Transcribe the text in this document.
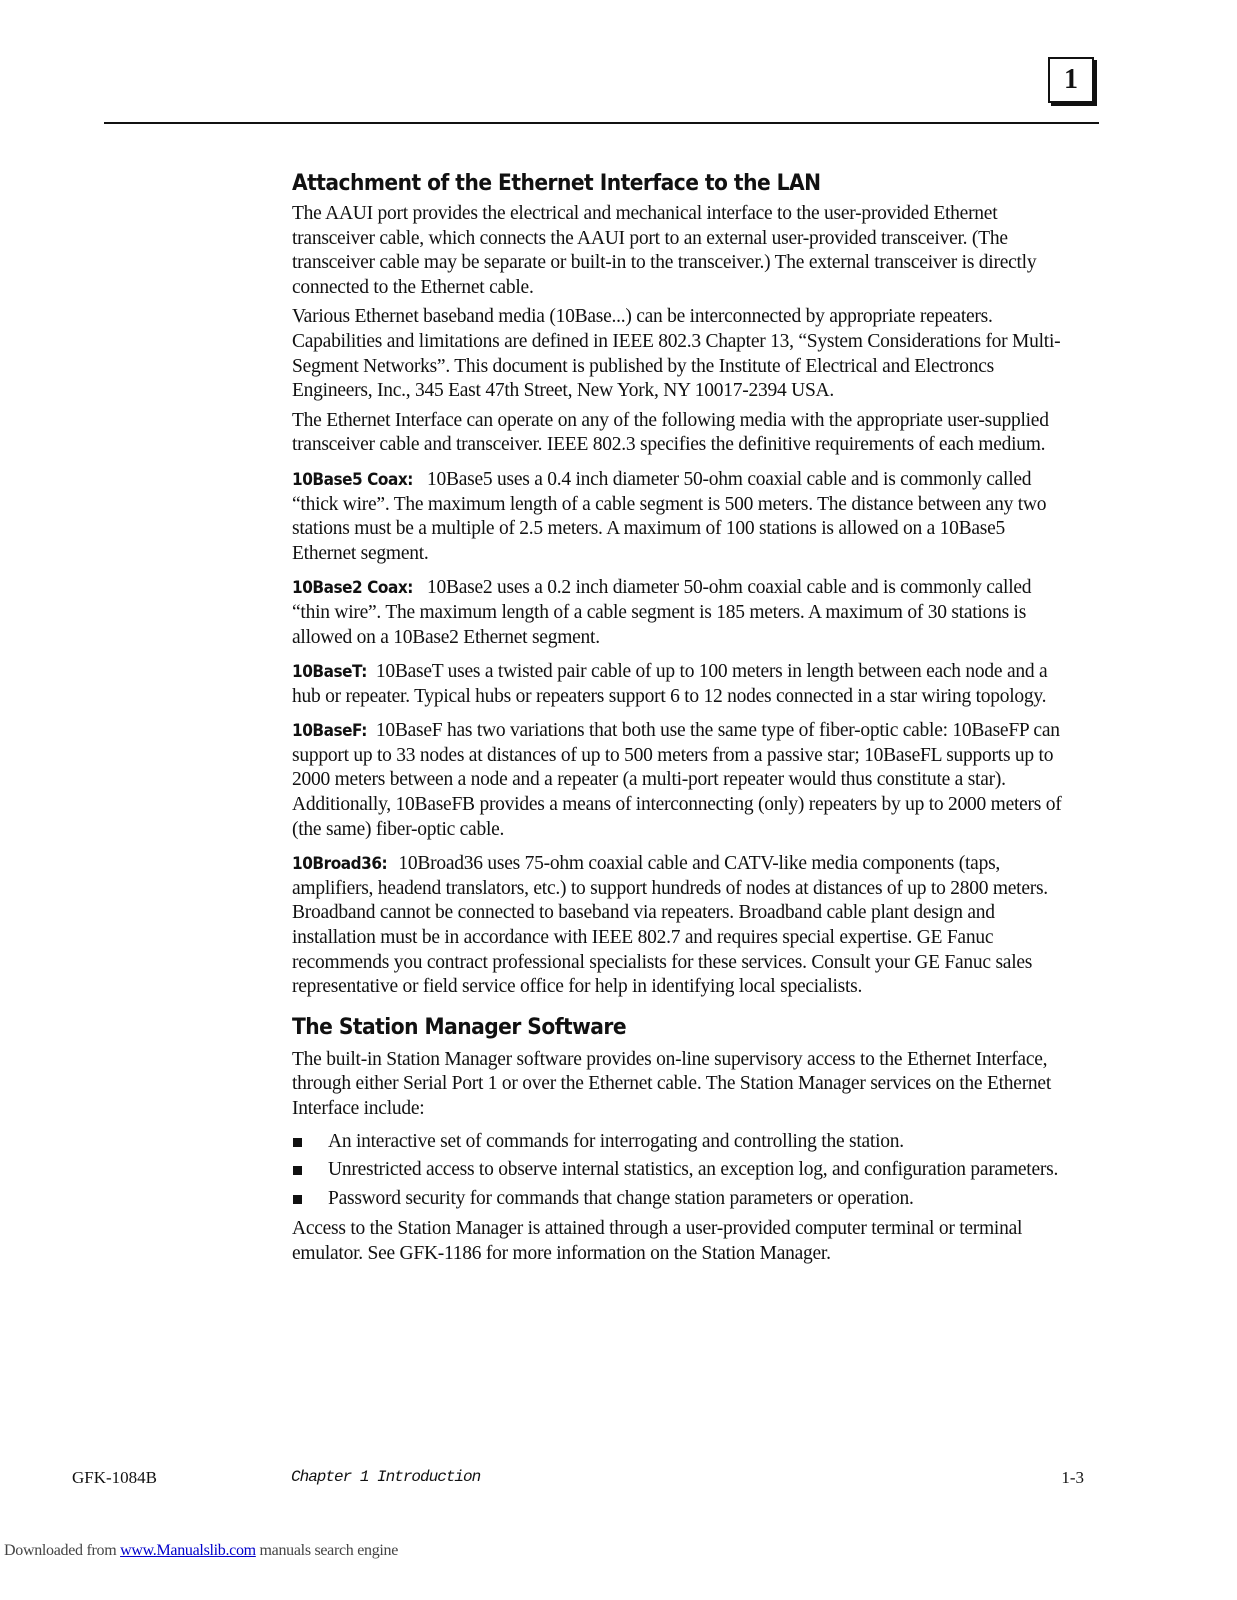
1
Attachment of the Ethernet Interface to the LAN

The AAUI port provides the electrical and mechanical interface to the user-provided Ethernet transceiver cable, which connects the AAUI port to an external user-provided transceiver. (The transceiver cable may be separate or built-in to the transceiver.) The external transceiver is directly connected to the Ethernet cable.

Various Ethernet baseband media (10Base...) can be interconnected by appropriate repeaters. Capabilities and limitations are defined in IEEE 802.3 Chapter 13, “System Considerations for Multi-Segment Networks”. This document is published by the Institute of Electrical and Electroncs Engineers, Inc., 345 East 47th Street, New York, NY 10017-2394 USA.

The Ethernet Interface can operate on any of the following media with the appropriate user-supplied transceiver cable and transceiver. IEEE 802.3 specifies the definitive requirements of each medium.

10Base5 Coax: 10Base5 uses a 0.4 inch diameter 50-ohm coaxial cable and is commonly called “thick wire”. The maximum length of a cable segment is 500 meters. The distance between any two stations must be a multiple of 2.5 meters. A maximum of 100 stations is allowed on a 10Base5 Ethernet segment.

10Base2 Coax: 10Base2 uses a 0.2 inch diameter 50-ohm coaxial cable and is commonly called “thin wire”. The maximum length of a cable segment is 185 meters. A maximum of 30 stations is allowed on a 10Base2 Ethernet segment.

10BaseT: 10BaseT uses a twisted pair cable of up to 100 meters in length between each node and a hub or repeater. Typical hubs or repeaters support 6 to 12 nodes connected in a star wiring topology.

10BaseF: 10BaseF has two variations that both use the same type of fiber-optic cable: 10BaseFP can support up to 33 nodes at distances of up to 500 meters from a passive star; 10BaseFL supports up to 2000 meters between a node and a repeater (a multi-port repeater would thus constitute a star). Additionally, 10BaseFB provides a means of interconnecting (only) repeaters by up to 2000 meters of (the same) fiber-optic cable.

10Broad36: 10Broad36 uses 75-ohm coaxial cable and CATV-like media components (taps, amplifiers, headend translators, etc.) to support hundreds of nodes at distances of up to 2800 meters. Broadband cannot be connected to baseband via repeaters. Broadband cable plant design and installation must be in accordance with IEEE 802.7 and requires special expertise. GE Fanuc recommends you contract professional specialists for these services. Consult your GE Fanuc sales representative or field service office for help in identifying local specialists.

The Station Manager Software

The built-in Station Manager software provides on-line supervisory access to the Ethernet Interface, through either Serial Port 1 or over the Ethernet cable. The Station Manager services on the Ethernet Interface include:

An interactive set of commands for interrogating and controlling the station.
Unrestricted access to observe internal statistics, an exception log, and configuration parameters.
Password security for commands that change station parameters or operation.

Access to the Station Manager is attained through a user-provided computer terminal or terminal emulator. See GFK-1186 for more information on the Station Manager.

GFK-1084B	Chapter 1 Introduction	1-3
Downloaded from www.Manualslib.com manuals search engine
